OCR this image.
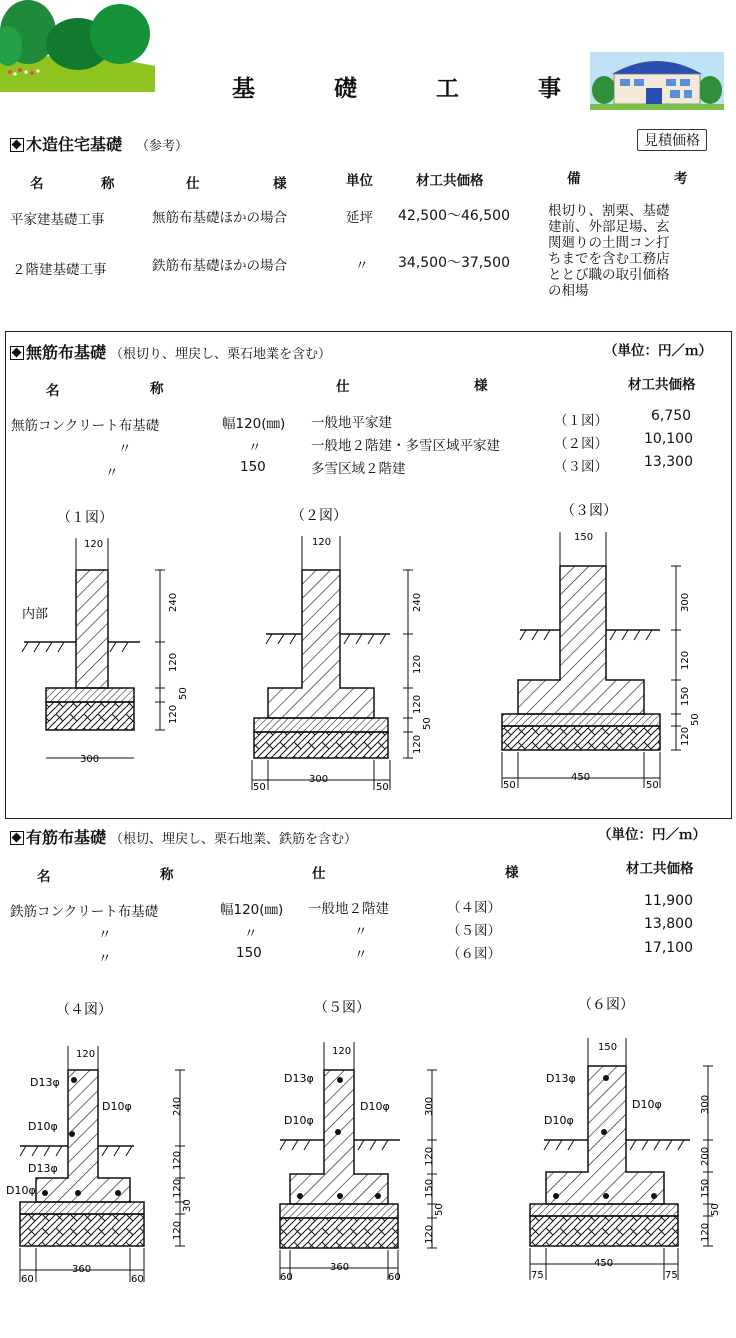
基　礎　工　事
木造住宅基礎 （参考）	見積価格
名	称	仕	様	単位	材工共価格	備	考
平家建基礎工事	無筋布基礎ほかの場合	延坪 42,500〜46,500
２階建基礎工事	鉄筋布基礎ほかの場合	〃 34,500〜37,500
根切り、割栗、基礎
建前、外部足場、玄
関廻りの土間コン打
ちまでを含む工務店
ととび職の取引価格
の相場
無筋布基礎 （根切り、埋戻し、栗石地業を含む）	（単位：円／ｍ）
名	称	仕	様	材工共価格
無筋コンクリート布基礎	幅120(㎜) 一般地平家建	（１図）	6,750
〃	〃	一般地２階建・多雪区域平家建	（２図）	10,100
〃	150	多雪区域２階建	（３図）	13,300
（１図）
120
内部
240
120
50
120
300
（２図）
120
240
120
120
50
120
50
300
50
（３図）
150
300
120
150
50
120
50
450
50
有筋布基礎 （根切、埋戻し、栗石地業、鉄筋を含む）	（単位：円／ｍ）
名	称	仕	様	材工共価格
鉄筋コンクリート布基礎	幅120(㎜) 一般地２階建	（４図）	11,900
〃	〃	〃	（５図）	13,800
〃	150	〃	（６図）	17,100
（４図）
120
D13φ
D10φ
D10φ
D13φ
D10φ
240
120
120
30
120
60
360
60
（５図）
120
D13φ
D10φ
D10φ
300
120
150
50
120
60
360
60
（６図）
150
D13φ
D10φ
D10φ
300
200
150
50
120
75
450
75
